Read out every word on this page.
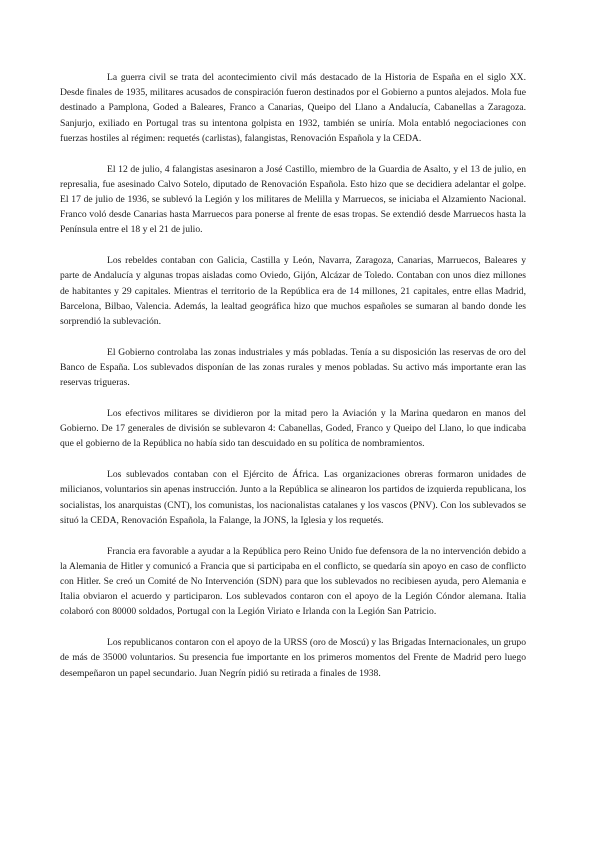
La guerra civil se trata del acontecimiento civil más destacado de la Historia de España en el siglo XX. Desde finales de 1935, militares acusados de conspiración fueron destinados por el Gobierno a puntos alejados. Mola fue destinado a Pamplona, Goded a Baleares, Franco a Canarias, Queipo del Llano a Andalucía, Cabanellas a Zaragoza. Sanjurjo, exiliado en Portugal tras su intentona golpista en 1932, también se uniría. Mola entabló negociaciones con fuerzas hostiles al régimen: requetés (carlistas), falangistas, Renovación Española y la CEDA.

El 12 de julio, 4 falangistas asesinaron a José Castillo, miembro de la Guardia de Asalto, y el 13 de julio, en represalia, fue asesinado Calvo Sotelo, diputado de Renovación Española. Esto hizo que se decidiera adelantar el golpe. El 17 de julio de 1936, se sublevó la Legión y los militares de Melilla y Marruecos, se iniciaba el Alzamiento Nacional. Franco voló desde Canarias hasta Marruecos para ponerse al frente de esas tropas. Se extendió desde Marruecos hasta la Península entre el 18 y el 21 de julio.

Los rebeldes contaban con Galicia, Castilla y León, Navarra, Zaragoza, Canarias, Marruecos, Baleares y parte de Andalucía y algunas tropas aisladas como Oviedo, Gijón, Alcázar de Toledo. Contaban con unos diez millones de habitantes y 29 capitales. Mientras el territorio de la República era de 14 millones, 21 capitales, entre ellas Madrid, Barcelona, Bilbao, Valencia. Además, la lealtad geográfica hizo que muchos españoles se sumaran al bando donde les sorprendió la sublevación.

El Gobierno controlaba las zonas industriales y más pobladas. Tenía a su disposición las reservas de oro del Banco de España. Los sublevados disponían de las zonas rurales y menos pobladas. Su activo más importante eran las reservas trigueras.

Los efectivos militares se dividieron por la mitad pero la Aviación y la Marina quedaron en manos del Gobierno. De 17 generales de división se sublevaron 4: Cabanellas, Goded, Franco y Queipo del Llano, lo que indicaba que el gobierno de la República no había sido tan descuidado en su política de nombramientos.

Los sublevados contaban con el Ejército de África. Las organizaciones obreras formaron unidades de milicianos, voluntarios sin apenas instrucción. Junto a la República se alinearon los partidos de izquierda republicana, los socialistas, los anarquistas (CNT), los comunistas, los nacionalistas catalanes y los vascos (PNV). Con los sublevados se situó la CEDA, Renovación Española, la Falange, la JONS, la Iglesia y los requetés.

Francia era favorable a ayudar a la República pero Reino Unido fue defensora de la no intervención debido a la Alemania de Hitler y comunicó a Francia que si participaba en el conflicto, se quedaría sin apoyo en caso de conflicto con Hitler. Se creó un Comité de No Intervención (SDN) para que los sublevados no recibiesen ayuda, pero Alemania e Italia obviaron el acuerdo y participaron. Los sublevados contaron con el apoyo de la Legión Cóndor alemana. Italia colaboró con 80000 soldados, Portugal con la Legión Viriato e Irlanda con la Legión San Patricio.

Los republicanos contaron con el apoyo de la URSS (oro de Moscú) y las Brigadas Internacionales, un grupo de más de 35000 voluntarios. Su presencia fue importante en los primeros momentos del Frente de Madrid pero luego desempeñaron un papel secundario. Juan Negrín pidió su retirada a finales de 1938.
